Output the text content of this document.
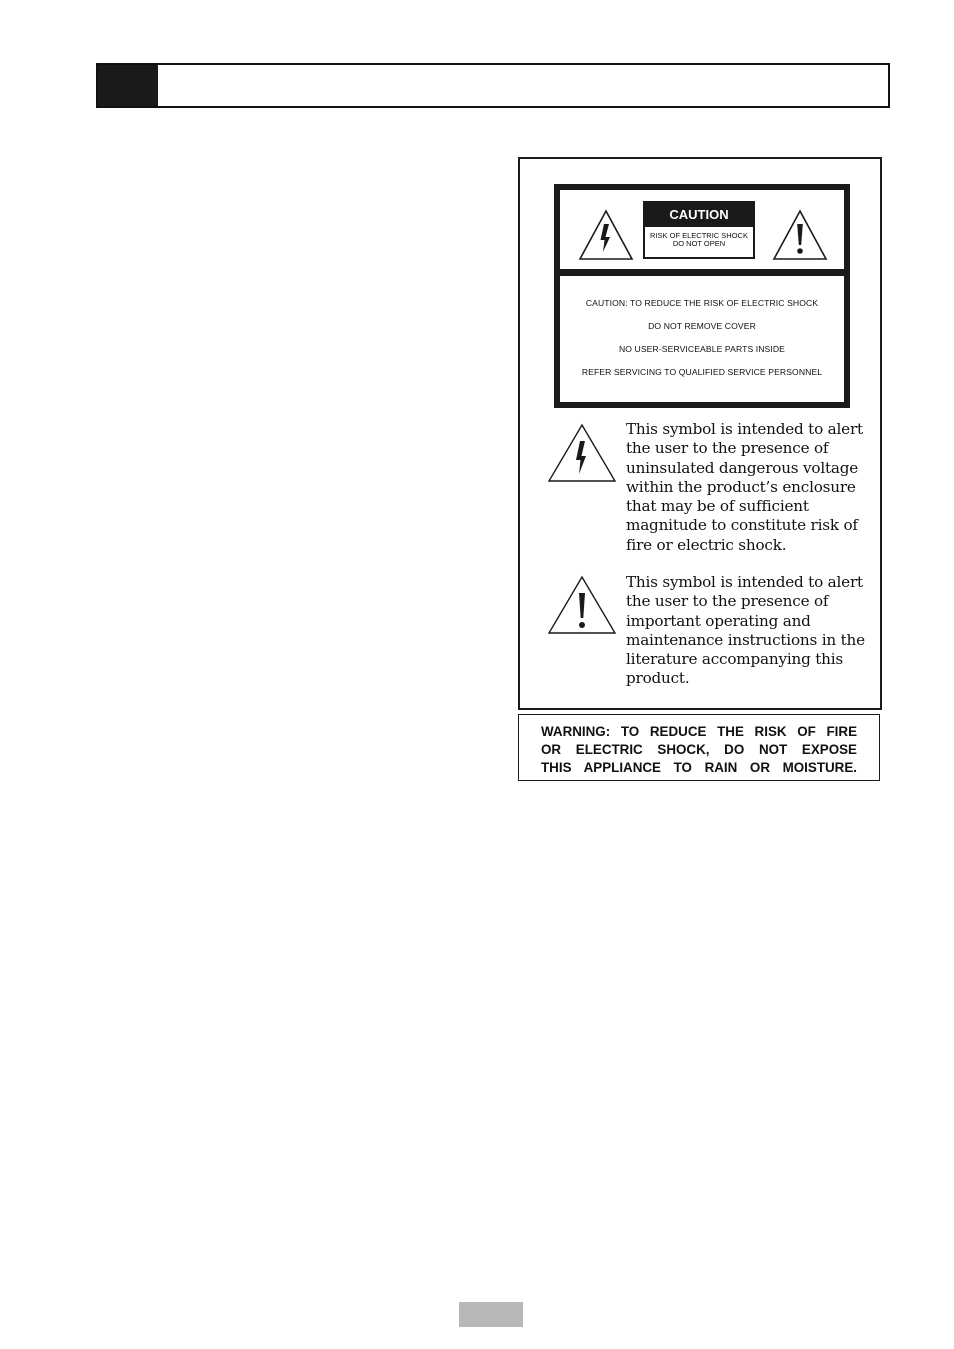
CAUTION
RISK OF ELECTRIC SHOCK
DO NOT OPEN
CAUTION: TO REDUCE THE RISK OF ELECTRIC SHOCK
DO NOT REMOVE COVER
NO USER-SERVICEABLE PARTS INSIDE
REFER SERVICING TO QUALIFIED SERVICE PERSONNEL
This symbol is intended to alert
the user to the presence of
uninsulated dangerous voltage
within the product’s enclosure
that may be of sufficient
magnitude to constitute risk of
fire or electric shock.
This symbol is intended to alert
the user to the presence of
important operating and
maintenance instructions in the
literature accompanying this
product.
WARNING: TO REDUCE THE RISK OF FIRE
OR ELECTRIC SHOCK, DO NOT EXPOSE
THIS APPLIANCE TO RAIN OR MOISTURE.
